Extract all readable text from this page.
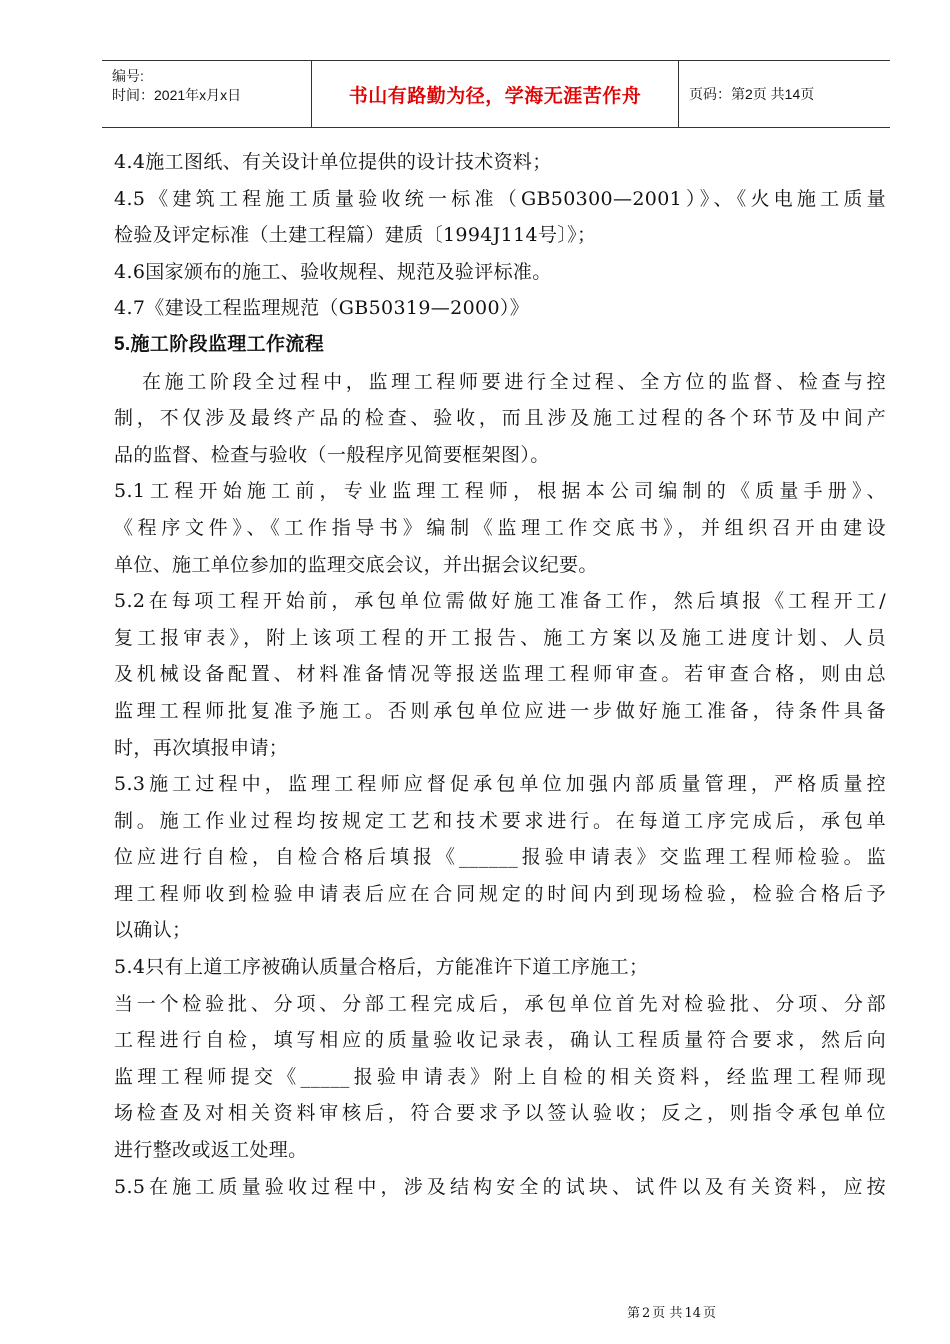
编号:
时间：2021年x月x日	书山有路勤为径，学海无涯苦作舟	页码：第2页 共14页
4.4施工图纸、有关设计单位提供的设计技术资料；
4.5《建筑工程施工质量验收统一标准（GB50300—2001）》、《火电施工质量
检验及评定标准（土建工程篇）建质〔1994J114号〕》；
4.6国家颁布的施工、验收规程、规范及验评标准。
4.7《建设工程监理规范（GB50319—2000）》
5.施工阶段监理工作流程
在施工阶段全过程中，监理工程师要进行全过程、全方位的监督、检查与控
制，不仅涉及最终产品的检查、验收，而且涉及施工过程的各个环节及中间产
品的监督、检查与验收（一般程序见简要框架图）。
5.1工程开始施工前，专业监理工程师，根据本公司编制的《质量手册》、
《程序文件》、《工作指导书》编制《监理工作交底书》，并组织召开由建设
单位、施工单位参加的监理交底会议，并出据会议纪要。
5.2在每项工程开始前，承包单位需做好施工准备工作，然后填报《工程开工/
复工报审表》，附上该项工程的开工报告、施工方案以及施工进度计划、人员
及机械设备配置、材料准备情况等报送监理工程师审查。若审查合格，则由总
监理工程师批复准予施工。否则承包单位应进一步做好施工准备，待条件具备
时，再次填报申请；
5.3施工过程中，监理工程师应督促承包单位加强内部质量管理，严格质量控
制。施工作业过程均按规定工艺和技术要求进行。在每道工序完成后，承包单
位应进行自检，自检合格后填报《______报验申请表》交监理工程师检验。监
理工程师收到检验申请表后应在合同规定的时间内到现场检验，检验合格后予
以确认；
5.4只有上道工序被确认质量合格后，方能准许下道工序施工；
当一个检验批、分项、分部工程完成后，承包单位首先对检验批、分项、分部
工程进行自检，填写相应的质量验收记录表，确认工程质量符合要求，然后向
监理工程师提交《_____报验申请表》附上自检的相关资料，经监理工程师现
场检查及对相关资料审核后，符合要求予以签认验收；反之，则指令承包单位
进行整改或返工处理。
5.5在施工质量验收过程中，涉及结构安全的试块、试件以及有关资料，应按
第 2 页 共 14 页
